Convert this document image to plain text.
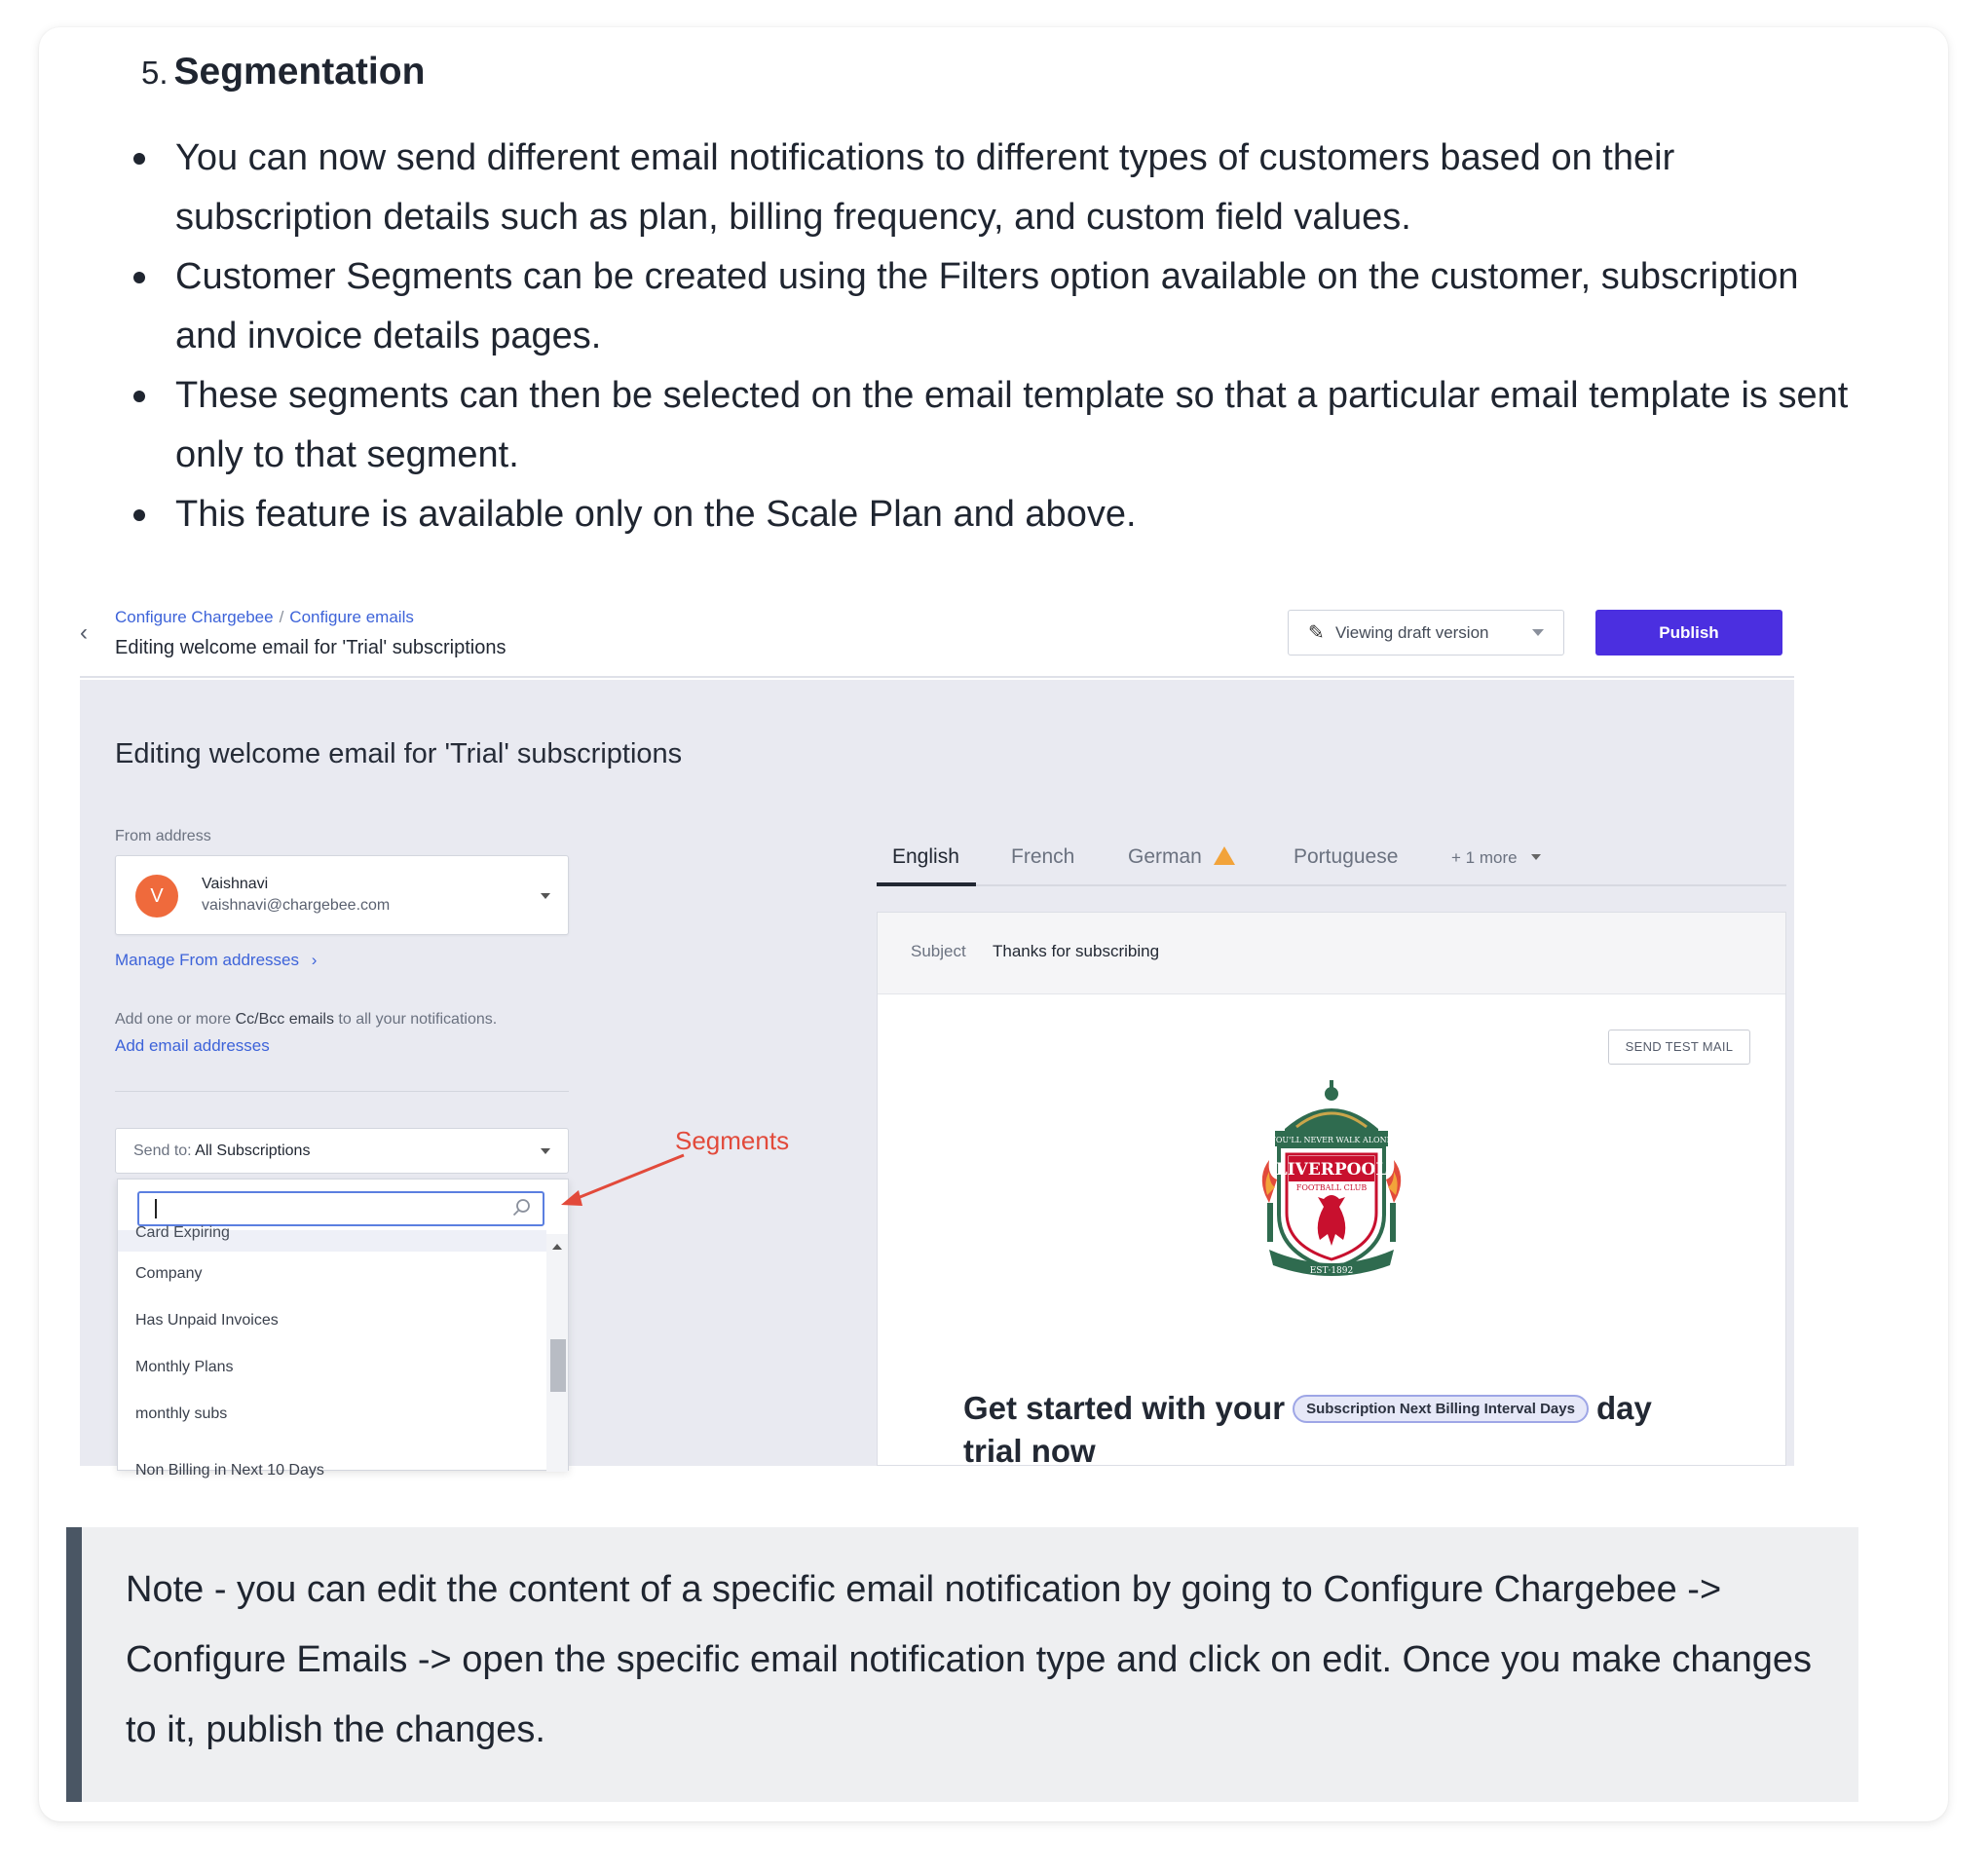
5. Segmentation
You can now send different email notifications to different types of customers based on their subscription details such as plan, billing frequency, and custom field values.
Customer Segments can be created using the Filters option available on the customer, subscription and invoice details pages.
These segments can then be selected on the email template so that a particular email template is sent only to that segment.
This feature is available only on the Scale Plan and above.
‹
Configure Chargebee / Configure emails
Editing welcome email for 'Trial' subscriptions
✎ Viewing draft version	Publish
Editing welcome email for 'Trial' subscriptions
From address
V
Vaishnavi
vaishnavi@chargebee.com
Manage From addresses ›
Add one or more Cc/Bcc emails to all your notifications.
Add email addresses
Send to: All Subscriptions
Card Expiring
Company
Has Unpaid Invoices
Monthly Plans
monthly subs
Non Billing in Next 10 Days
Segments
English	French	German	Portuguese	+ 1 more
Subject Thanks for subscribing
SEND TEST MAIL
YOU'LL NEVER WALK ALONE
LIVERPOOL
FOOTBALL CLUB
EST·1892
Get started with your Subscription Next Billing Interval Days day
trial now

Note - you can edit the content of a specific email notification by going to Configure Chargebee -> Configure Emails -> open the specific email notification type and click on edit. Once you make changes to it, publish the changes.
